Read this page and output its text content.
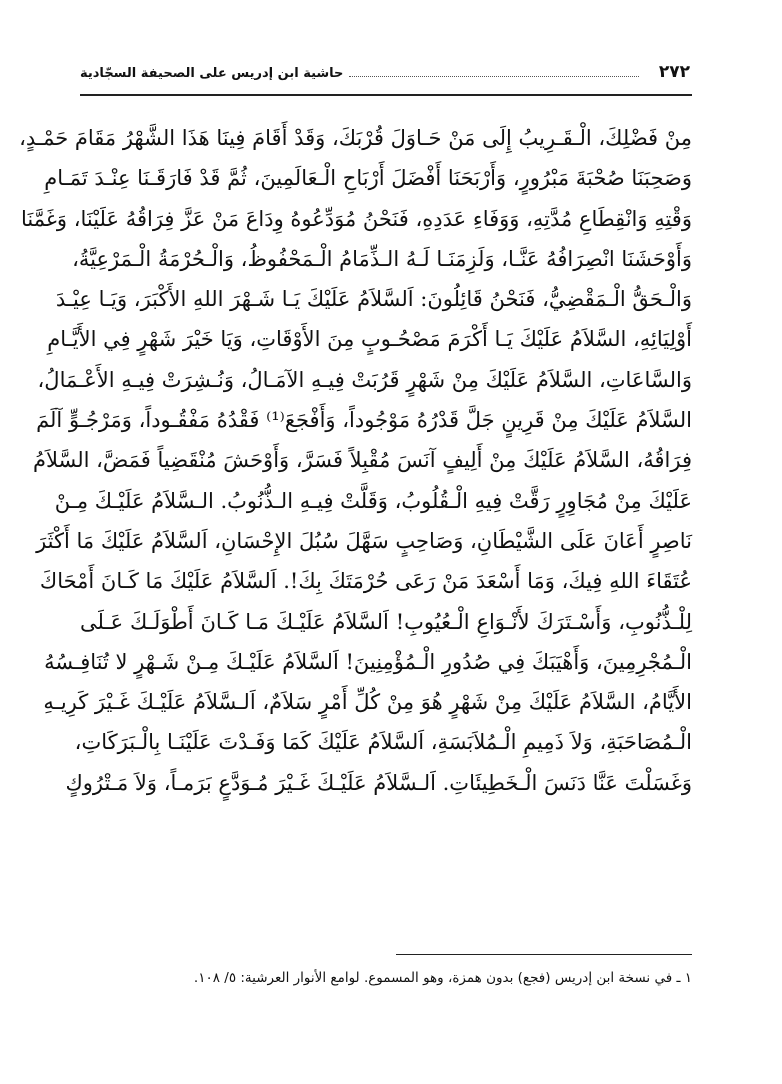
٢٧٢
حاشية ابن إدريس على الصحيفة السجّادية
مِنْ فَضْلِكَ، الْـقَـرِيبُ إِلَى مَنْ حَـاوَلَ قُرْبَكَ، وَقَدْ أَقَامَ فِينَا هَذَا الشَّهْرُ مَقَامَ حَمْـدٍ،
وَصَحِبَنَا صُحْبَةَ مَبْرُورٍ، وَأَرْبَحَنَا أَفْضَلَ أَرْبَاحِ الْـعَالَمِينَ، ثُمَّ قَدْ فَارَقَـنَا عِنْـدَ تَمَـامِ
وَقْتِهِ وَانْقِطَاعِ مُدَّتِهِ، وَوَفَاءِ عَدَدِهِ، فَنَحْنُ مُوَدِّعُوهُ وِدَاعَ مَنْ عَزَّ فِرَاقُهُ عَلَيْنَا، وَغَمَّنَا
وَأَوْحَشَنَا انْصِرَافُهُ عَنَّـا، وَلَزِمَنَـا لَـهُ الـذِّمَامُ الْـمَحْفُوظُ، وَالْـحُرْمَةُ الْـمَرْعِيَّةُ،
وَالْـحَقُّ الْـمَقْضِيُّ، فَنَحْنُ قَائِلُونَ: اَلسَّلاَمُ عَلَيْكَ يَـا شَـهْرَ اللهِ الأَكْبَرَ، وَيَـا عِيْـدَ
أَوْلِيَائِهِ، السَّلاَمُ عَلَيْكَ يَـا أَكْرَمَ مَصْحُـوبٍ مِنَ الأَوْقَاتِ، وَيَا خَيْرَ شَهْرٍ فِي الأَيَّـامِ
وَالسَّاعَاتِ، السَّلاَمُ عَلَيْكَ مِنْ شَهْرٍ قَرُبَتْ فِيـهِ الآمَـالُ، وَنُـشِرَتْ فِيـهِ الأَعْـمَالُ،
السَّلاَمُ عَلَيْكَ مِنْ قَرِينٍ جَلَّ قَدْرُهُ مَوْجُوداً، وَأَفْجَعَ⁽¹⁾ فَقْدُهُ مَفْقُـوداً، وَمَرْجُـوٍّ آلَمَ
فِرَاقُهُ، السَّلاَمُ عَلَيْكَ مِنْ أَلِيفٍ آنَسَ مُقْبِلاً فَسَرَّ، وَأَوْحَشَ مُنْقَضِياً فَمَضَّ، السَّلاَمُ
عَلَيْكَ مِنْ مُجَاوِرٍ رَقَّتْ فِيهِ الْـقُلُوبُ، وَقَلَّتْ فِيـهِ الـذُّنُوبُ. الـسَّلاَمُ عَلَيْـكَ مِـنْ
نَاصِرٍ أَعَانَ عَلَى الشَّيْطَانِ، وَصَاحِبٍ سَهَّلَ سُبُلَ الإِحْسَانِ، اَلسَّلاَمُ عَلَيْكَ مَا أَكْثَرَ
عُتَقَاءَ اللهِ فِيكَ، وَمَا أَسْعَدَ مَنْ رَعَى حُرْمَتَكَ بِكَ!. اَلسَّلاَمُ عَلَيْكَ مَا كَـانَ أَمْحَاكَ
لِلْـذُّنُوبِ، وَأَسْـتَرَكَ لأَنْـوَاعِ الْـعُيُوبِ! اَلسَّلاَمُ عَلَيْـكَ مَـا كَـانَ أَطْوَلَـكَ عَـلَى
الْـمُجْرِمِينَ، وَأَهْيَبَكَ فِي صُدُورِ الْـمُؤْمِنِينَ! اَلسَّلاَمُ عَلَيْـكَ مِـنْ شَـهْرٍ لا تُنَافِـسُهُ
الأَيَّامُ، السَّلاَمُ عَلَيْكَ مِنْ شَهْرٍ هُوَ مِنْ كُلِّ أَمْرٍ سَلاَمٌ، اَلـسَّلاَمُ عَلَيْـكَ غَـيْرَ كَرِيـهِ
الْـمُصَاحَبَةِ، وَلاَ ذَمِيمِ الْـمُلاَبَسَةِ، اَلسَّلاَمُ عَلَيْكَ كَمَا وَفَـدْتَ عَلَيْنَـا بِالْـبَرَكَاتِ،
وَغَسَلْتَ عَنَّا دَنَسَ الْـخَطِيئَاتِ. اَلـسَّلاَمُ عَلَيْـكَ غَـيْرَ مُـوَدَّعٍ بَرَمـاً، وَلاَ مَـتْرُوكٍ
١ ـ في نسخة ابن إدريس (فجع) بدون همزة، وهو المسموع. لوامع الأنوار العرشية: ٥/ ١٠٨.
